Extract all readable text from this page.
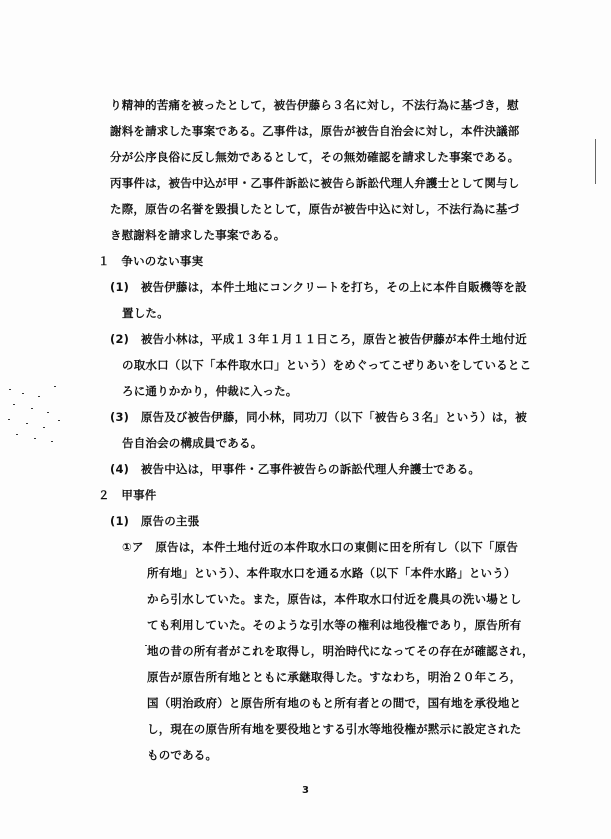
り精神的苦痛を被ったとして，被告伊藤ら３名に対し，不法行為に基づき，慰
謝料を請求した事案である。乙事件は，原告が被告自治会に対し，本件決議部
分が公序良俗に反し無効であるとして，その無効確認を請求した事案である。
丙事件は，被告中込が甲・乙事件訴訟に被告ら訴訟代理人弁護士として関与し
た際，原告の名誉を毀損したとして，原告が被告中込に対し，不法行為に基づ
き慰謝料を請求した事案である。
１　争いのない事実
(1)　被告伊藤は，本件土地にコンクリートを打ち，その上に本件自販機等を設
置した。
(2)　被告小林は，平成１３年１月１１日ころ，原告と被告伊藤が本件土地付近
の取水口（以下「本件取水口」という）をめぐってこぜりあいをしているとこ
ろに通りかかり，仲裁に入った。
(3)　原告及び被告伊藤，同小林，同功刀（以下「被告ら３名」という）は，被
告自治会の構成員である。
(4)　被告中込は，甲事件・乙事件被告らの訴訟代理人弁護士である。
２　甲事件
(1)　原告の主張
①ア　原告は，本件土地付近の本件取水口の東側に田を所有し（以下「原告
所有地」という）、本件取水口を通る水路（以下「本件水路」という）
から引水していた。また，原告は，本件取水口付近を農具の洗い場とし
ても利用していた。そのような引水等の権利は地役権であり，原告所有
地の昔の所有者がこれを取得し，明治時代になってその存在が確認され，
原告が原告所有地とともに承継取得した。すなわち，明治２０年ころ，
国（明治政府）と原告所有地のもと所有者との間で，国有地を承役地と
し，現在の原告所有地を要役地とする引水等地役権が黙示に設定された
ものである。
3
